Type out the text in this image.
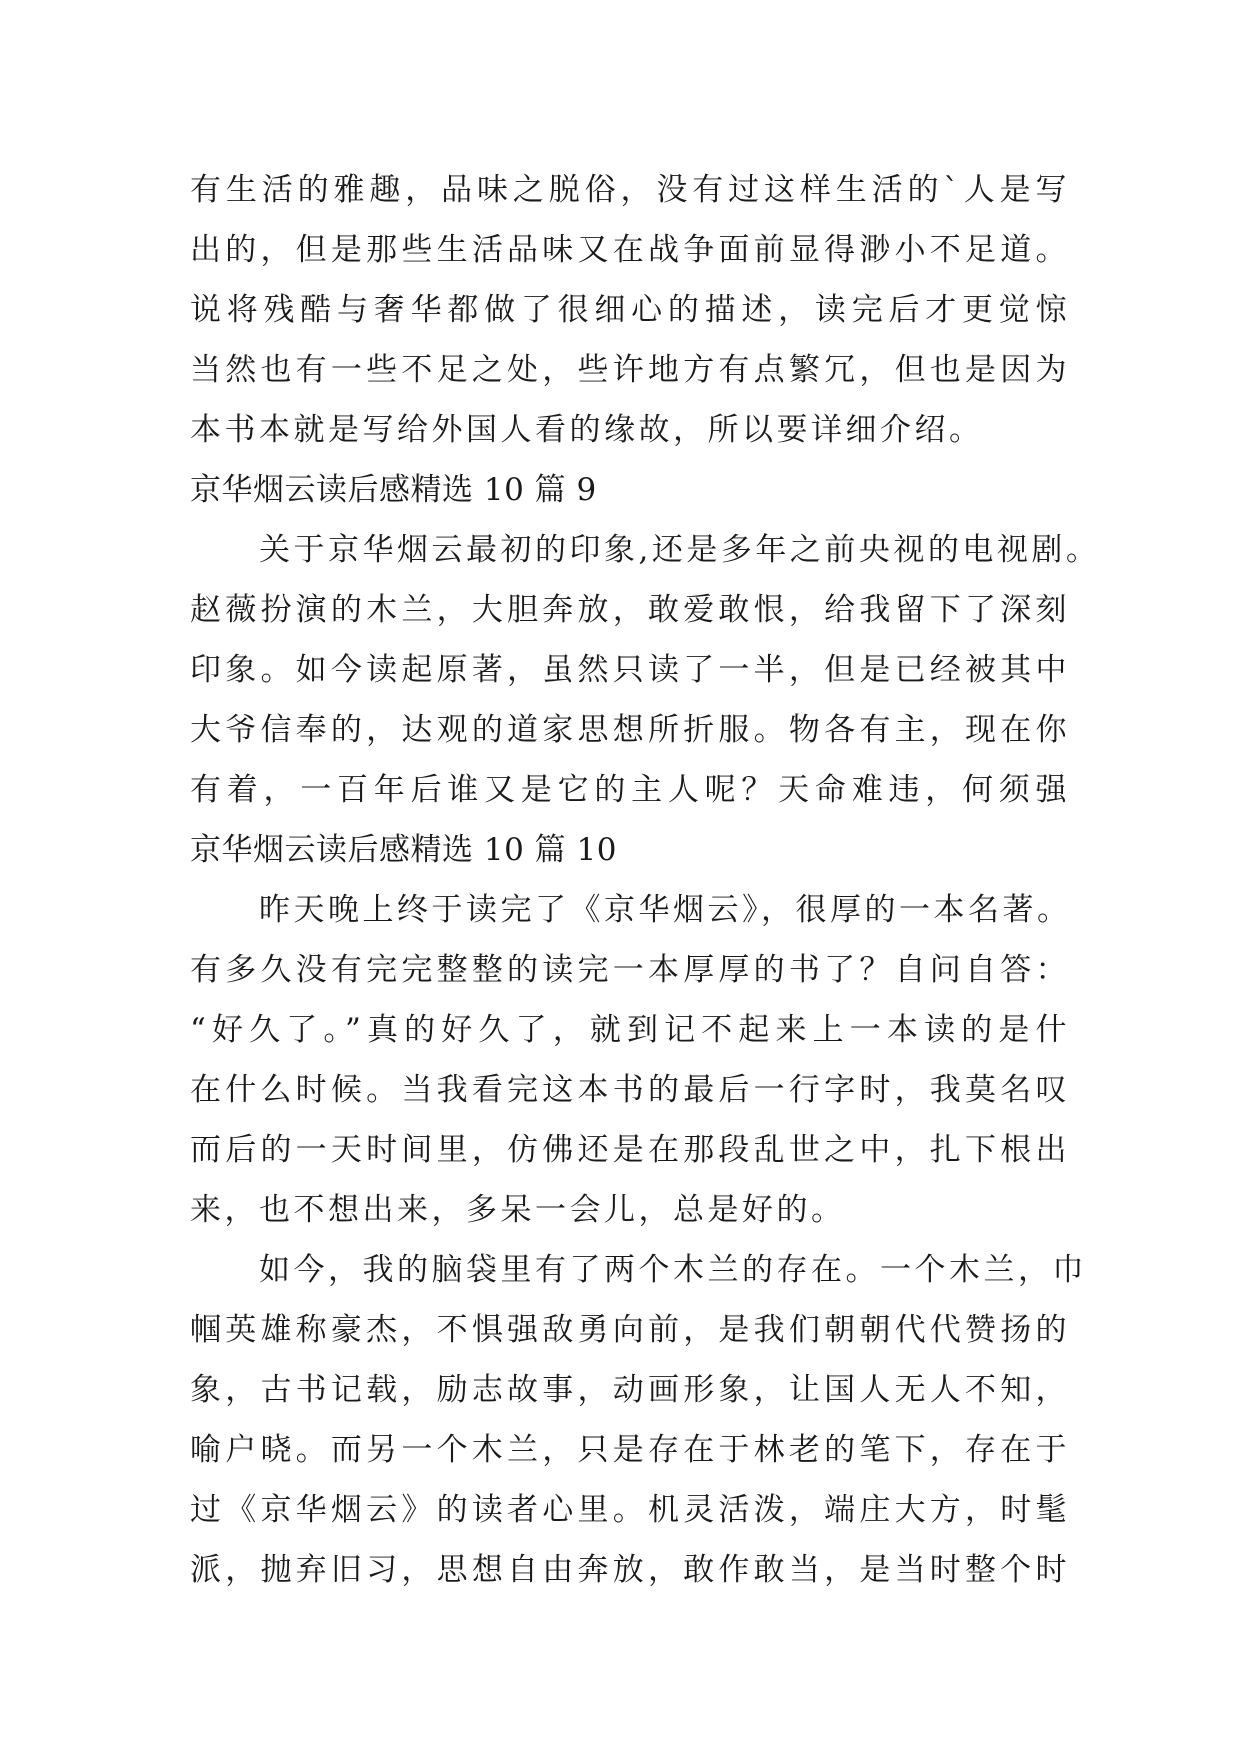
有生活的雅趣，品味之脱俗，没有过这样生活的`人是写
出的，但是那些生活品味又在战争面前显得渺小不足道。
说将残酷与奢华都做了很细心的描述，读完后才更觉惊
当然也有一些不足之处，些许地方有点繁冗，但也是因为
本书本就是写给外国人看的缘故，所以要详细介绍。
京华烟云读后感精选 10 篇 9
　　关于京华烟云最初的印象,还是多年之前央视的电视剧。
赵薇扮演的木兰，大胆奔放，敢爱敢恨，给我留下了深刻
印象。如今读起原著，虽然只读了一半，但是已经被其中
大爷信奉的，达观的道家思想所折服。物各有主，现在你
有着，一百年后谁又是它的主人呢？天命难违，何须强
京华烟云读后感精选 10 篇 10
　　昨天晚上终于读完了《京华烟云》，很厚的一本名著。
有多久没有完完整整的读完一本厚厚的书了？自问自答：
“好久了。”真的好久了，就到记不起来上一本读的是什
在什么时候。当我看完这本书的最后一行字时，我莫名叹
而后的一天时间里，仿佛还是在那段乱世之中，扎下根出
来，也不想出来，多呆一会儿，总是好的。
　　如今，我的脑袋里有了两个木兰的存在。一个木兰，巾
帼英雄称豪杰，不惧强敌勇向前，是我们朝朝代代赞扬的
象，古书记载，励志故事，动画形象，让国人无人不知，
喻户晓。而另一个木兰，只是存在于林老的笔下，存在于
过《京华烟云》的读者心里。机灵活泼，端庄大方，时髦
派，抛弃旧习，思想自由奔放，敢作敢当，是当时整个时
